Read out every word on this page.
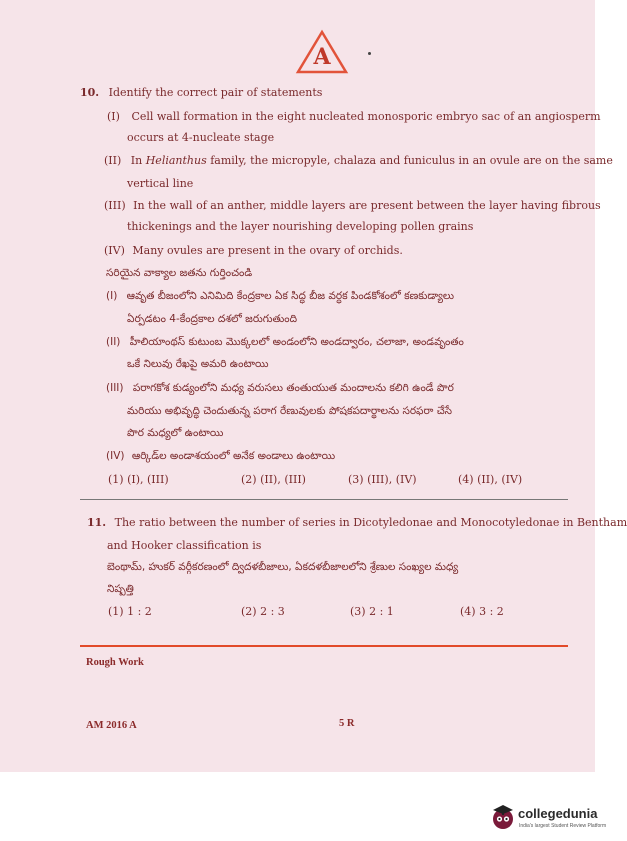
A
10. Identify the correct pair of statements
(I) Cell wall formation in the eight nucleated monosporic embryo sac of an angiosperm
occurs at 4-nucleate stage
(II) In Helianthus family, the micropyle, chalaza and funiculus in an ovule are on the same
vertical line
(III) In the wall of an anther, middle layers are present between the layer having fibrous
thickenings and the layer nourishing developing pollen grains
(IV) Many ovules are present in the ovary of orchids.
సరియైన వాక్యాల జతను గుర్తించండి
(I) ఆవృత బీజంలోని ఎనిమిది కేంద్రకాల ఏక సిద్ధ బీజ వర్ధక పిండకోశంలో కణకుడ్యాలు
ఏర్పడటం 4-కేంద్రకాల దశలో జరుగుతుంది
(II) హీలియాంథస్ కుటుంబ మొక్కలలో అండంలోని అండద్వారం, చలాజా, అండవృంతం
ఒకే నిలువు రేఖపై అమరి ఉంటాయి
(III) పరాగకోశ కుడ్యంలోని మధ్య వరుసలు తంతుయుత మందాలను కలిగి ఉండే పొర
మరియు అభివృద్ధి చెందుతున్న పరాగ రేణువులకు పోషకపదార్థాలను సరఫరా చేసే
పొర మధ్యలో ఉంటాయి
(IV) ఆర్కిడ్‌ల అండాశయంలో అనేక అండాలు ఉంటాయి
(1) (I), (III)	(2) (II), (III)	(3) (III), (IV)	(4) (II), (IV)
11. The ratio between the number of series in Dicotyledonae and Monocotyledonae in Bentham
and Hooker classification is
బెంథామ్, హుకర్ వర్గీకరణంలో ద్విదళబీజాలు, ఏకదళబీజాలలోని శ్రేణుల సంఖ్యల మధ్య
నిష్పత్తి
(1) 1 : 2	(2) 2 : 3	(3) 2 : 1	(4) 3 : 2
Rough Work
AM 2016 A	5 R
collegedunia
India's largest Student Review Platform
